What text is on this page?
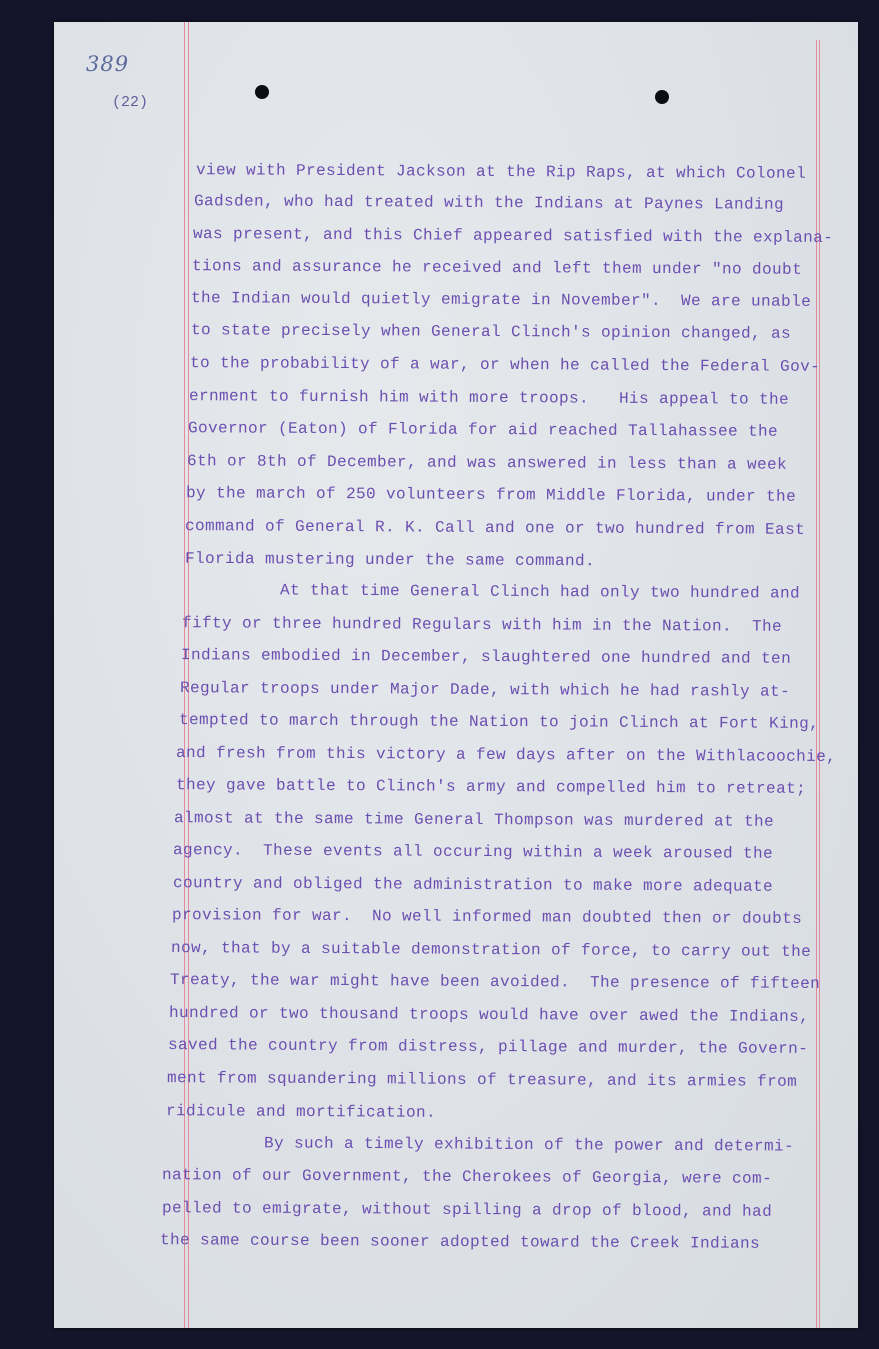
389
(22)
view with President Jackson at the Rip Raps, at which Colonel
Gadsden, who had treated with the Indians at Paynes Landing
was present, and this Chief appeared satisfied with the explana-
tions and assurance he received and left them under "no doubt
the Indian would quietly emigrate in November".  We are unable
to state precisely when General Clinch's opinion changed, as
to the probability of a war, or when he called the Federal Gov-
ernment to furnish him with more troops.   His appeal to the
Governor (Eaton) of Florida for aid reached Tallahassee the
6th or 8th of December, and was answered in less than a week
by the march of 250 volunteers from Middle Florida, under the
command of General R. K. Call and one or two hundred from East
Florida mustering under the same command.
At that time General Clinch had only two hundred and
fifty or three hundred Regulars with him in the Nation.  The
Indians embodied in December, slaughtered one hundred and ten
Regular troops under Major Dade, with which he had rashly at-
tempted to march through the Nation to join Clinch at Fort King,
and fresh from this victory a few days after on the Withlacoochie,
they gave battle to Clinch's army and compelled him to retreat;
almost at the same time General Thompson was murdered at the
agency.  These events all occuring within a week aroused the
country and obliged the administration to make more adequate
provision for war.  No well informed man doubted then or doubts
now, that by a suitable demonstration of force, to carry out the
Treaty, the war might have been avoided.  The presence of fifteen
hundred or two thousand troops would have over awed the Indians,
saved the country from distress, pillage and murder, the Govern-
ment from squandering millions of treasure, and its armies from
ridicule and mortification.
By such a timely exhibition of the power and determi-
nation of our Government, the Cherokees of Georgia, were com-
pelled to emigrate, without spilling a drop of blood, and had
the same course been sooner adopted toward the Creek Indians
